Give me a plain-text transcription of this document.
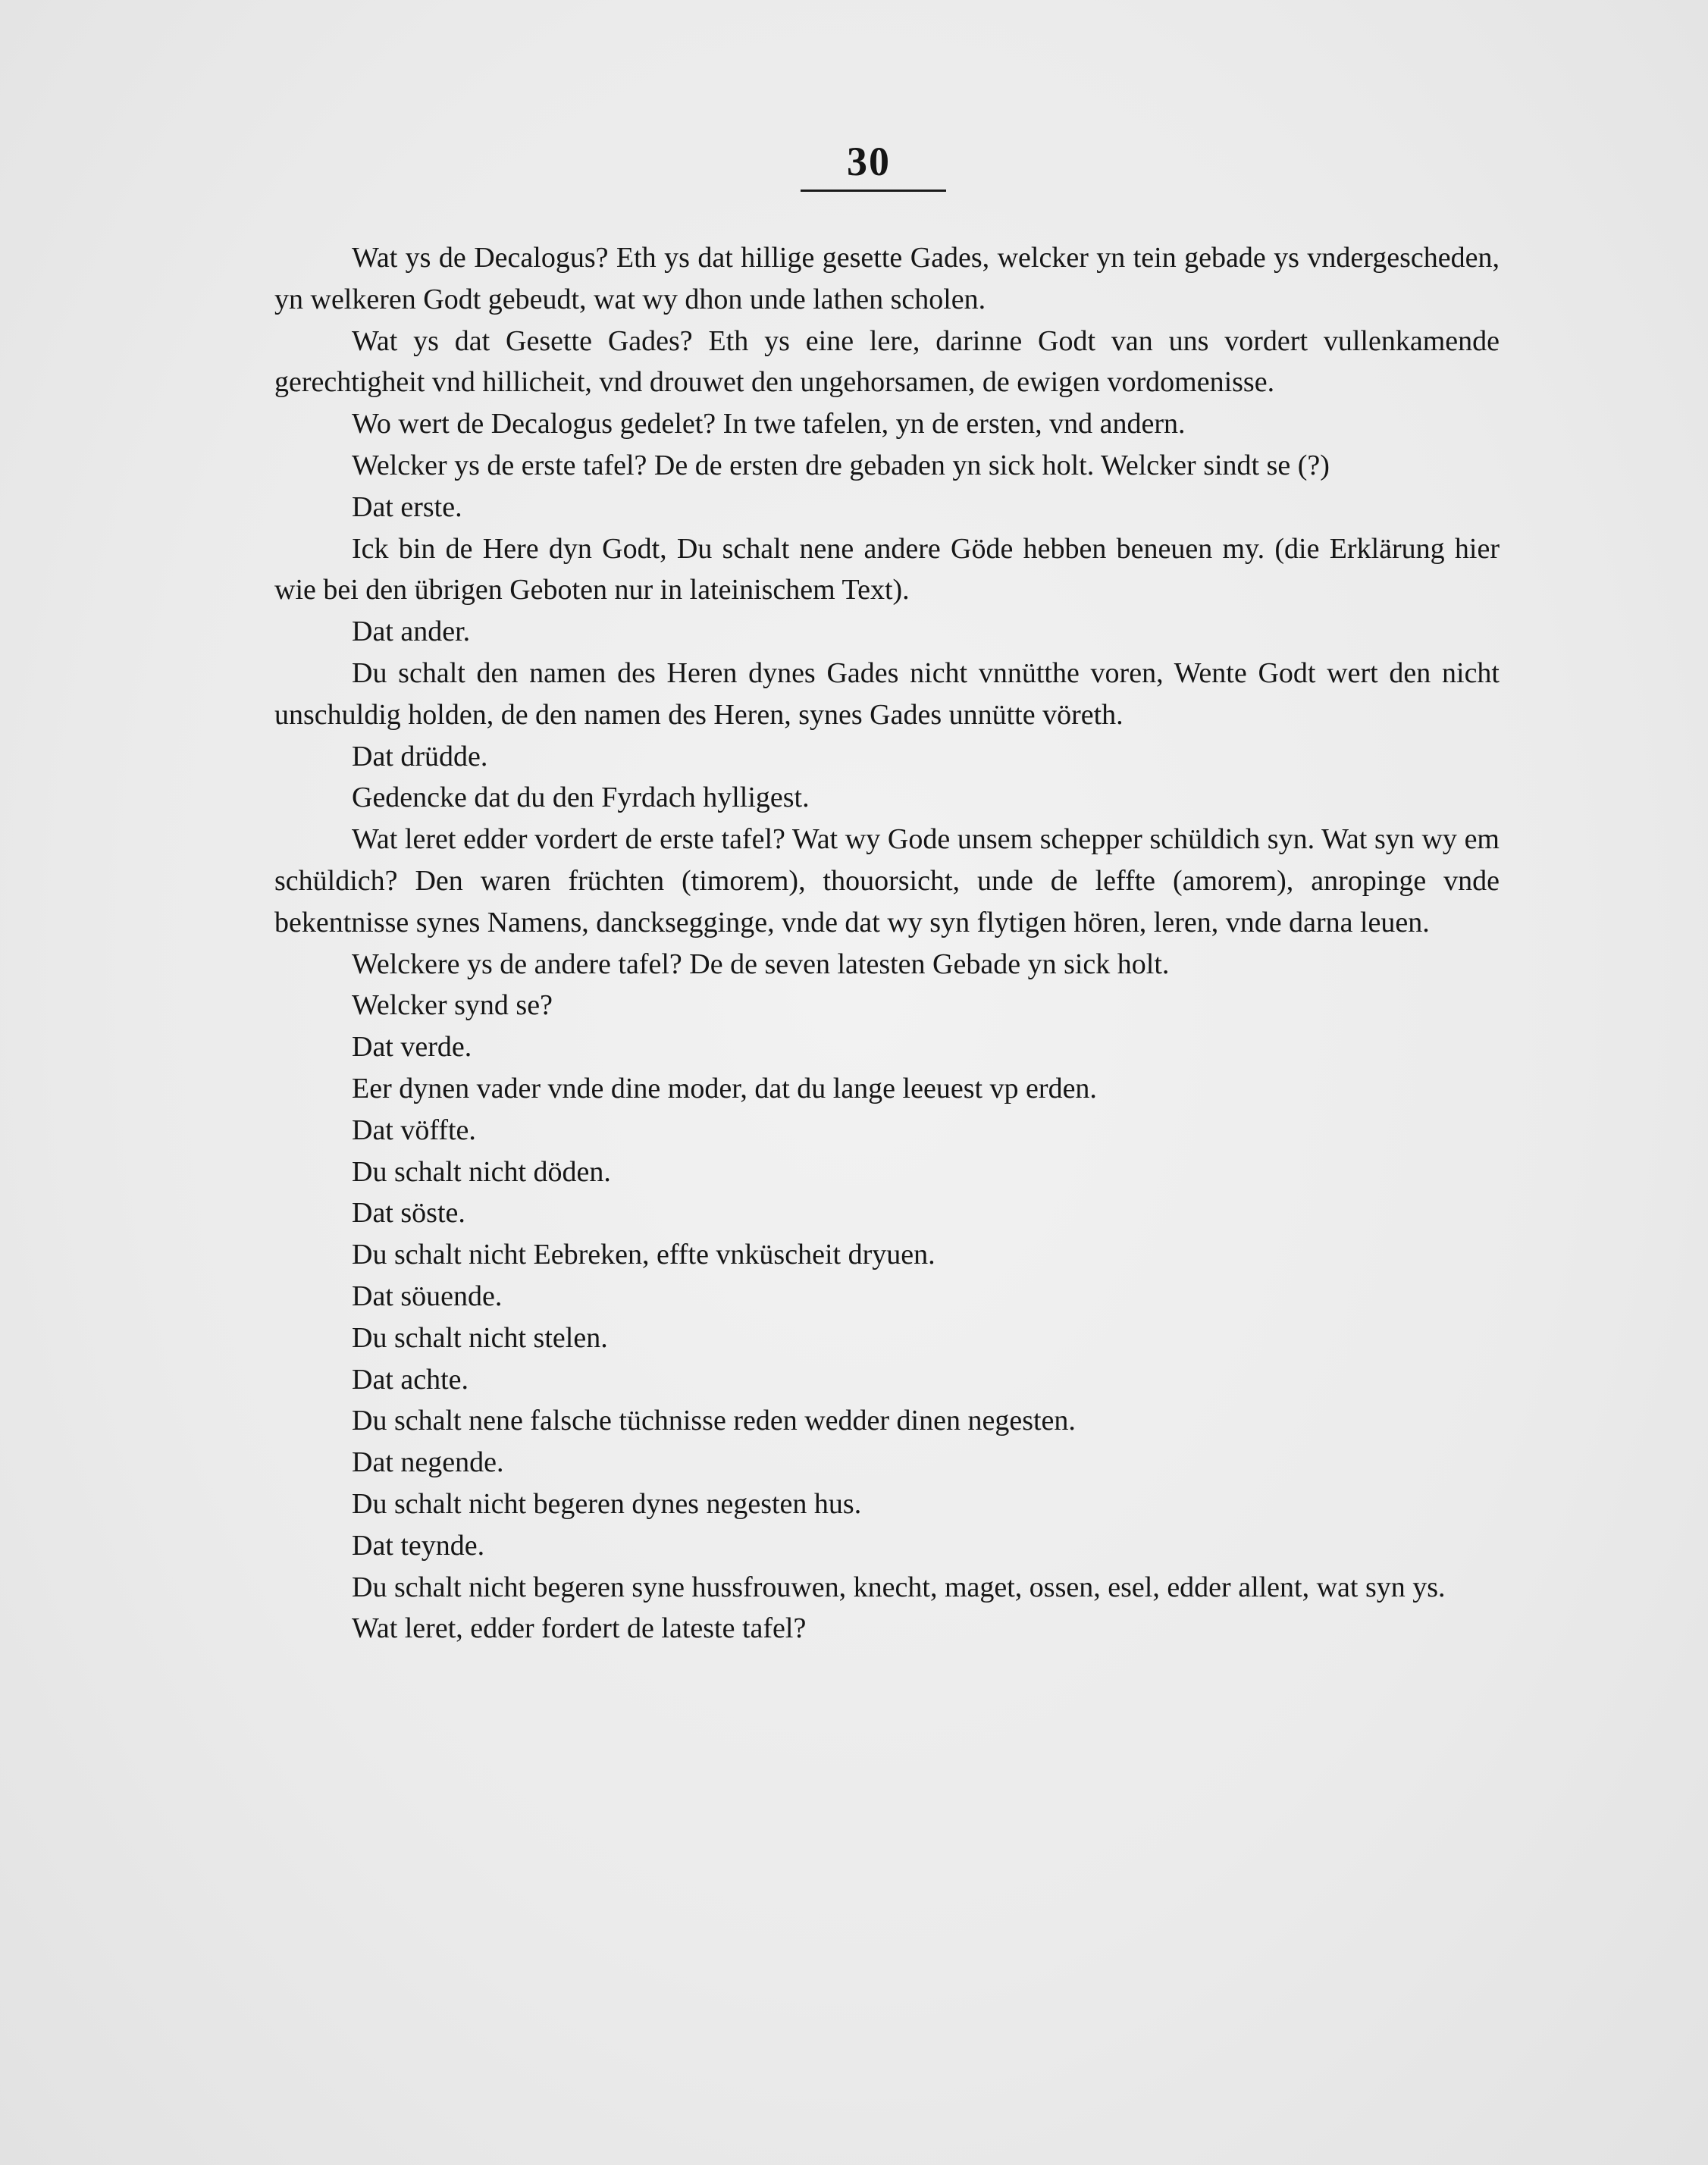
30

Wat ys de Decalogus? Eth ys dat hillige gesette Gades, welcker yn tein gebade ys vndergescheden, yn welkeren Godt gebeudt, wat wy dhon unde lathen scholen.

Wat ys dat Gesette Gades? Eth ys eine lere, darinne Godt van uns vordert vullenkamende gerechtigheit vnd hillicheit, vnd drouwet den ungehorsamen, de ewigen vordomenisse.

Wo wert de Decalogus gedelet? In twe tafelen, yn de ersten, vnd andern.

Welcker ys de erste tafel? De de ersten dre gebaden yn sick holt. Welcker sindt se (?)

Dat erste.

Ick bin de Here dyn Godt, Du schalt nene andere Göde hebben beneuen my. (die Erklärung hier wie bei den übrigen Geboten nur in lateinischem Text).

Dat ander.

Du schalt den namen des Heren dynes Gades nicht vnnütthe voren, Wente Godt wert den nicht unschuldig holden, de den namen des Heren, synes Gades unnütte vöreth.

Dat drüdde.

Gedencke dat du den Fyrdach hylligest.

Wat leret edder vordert de erste tafel? Wat wy Gode unsem schepper schüldich syn. Wat syn wy em schüldich? Den waren früchten (timorem), thouorsicht, unde de leffte (amorem), anropinge vnde bekentnisse synes Namens, dancksegginge, vnde dat wy syn flytigen hören, leren, vnde darna leuen.

Welckere ys de andere tafel? De de seven latesten Gebade yn sick holt.

Welcker synd se?

Dat verde.

Eer dynen vader vnde dine moder, dat du lange leeuest vp erden.

Dat vöffte.

Du schalt nicht döden.

Dat söste.

Du schalt nicht Eebreken, effte vnküscheit dryuen.

Dat söuende.

Du schalt nicht stelen.

Dat achte.

Du schalt nene falsche tüchnisse reden wedder dinen negesten.

Dat negende.

Du schalt nicht begeren dynes negesten hus.

Dat teynde.

Du schalt nicht begeren syne hussfrouwen, knecht, maget, ossen, esel, edder allent, wat syn ys.

Wat leret, edder fordert de lateste tafel?
